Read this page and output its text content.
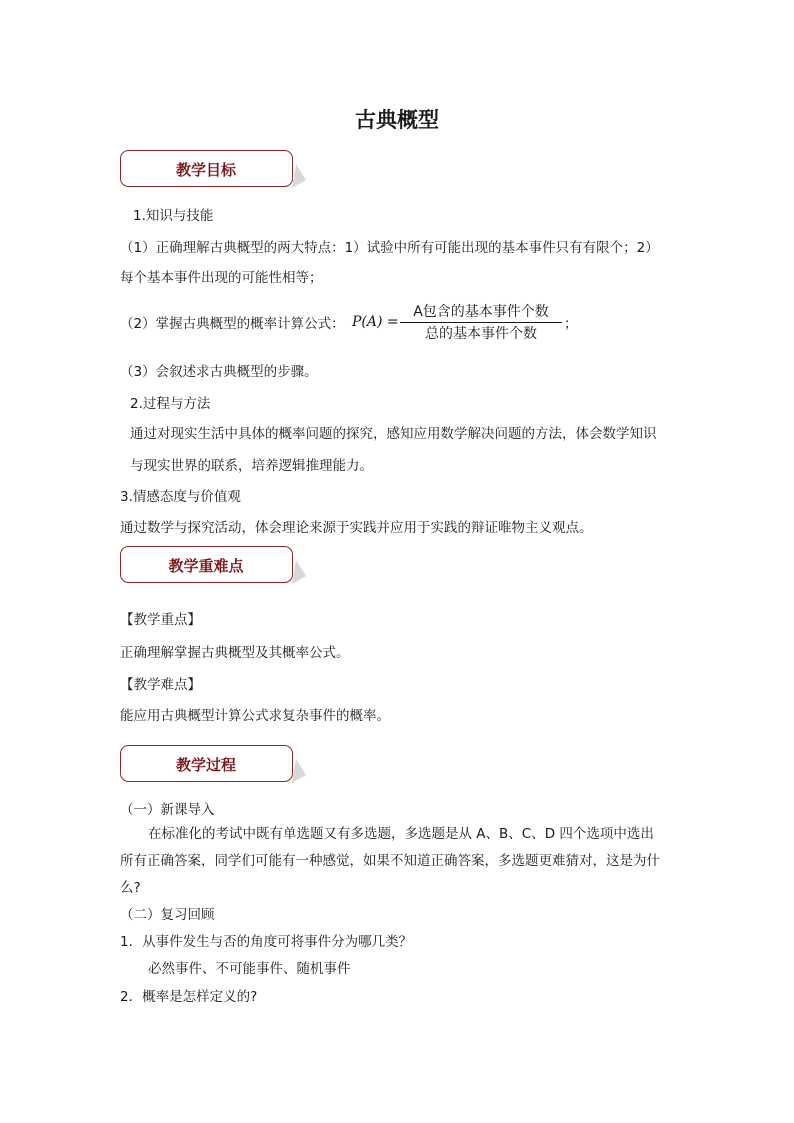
古典概型
教学目标
1.知识与技能
（1）正确理解古典概型的两大特点：1）试验中所有可能出现的基本事件只有有限个；2）
每个基本事件出现的可能性相等；
（2）掌握古典概型的概率计算公式： P(A) =
A包含的基本事件个数
总的基本事件个数
；
（3）会叙述求古典概型的步骤。
2.过程与方法
通过对现实生活中具体的概率问题的探究，感知应用数学解决问题的方法，体会数学知识
与现实世界的联系，培养逻辑推理能力。
3.情感态度与价值观
通过数学与探究活动，体会理论来源于实践并应用于实践的辩证唯物主义观点。
教学重难点
【教学重点】
正确理解掌握古典概型及其概率公式。
【教学难点】
能应用古典概型计算公式求复杂事件的概率。
教学过程
（一）新课导入
在标准化的考试中既有单选题又有多选题，多选题是从 A、B、C、D 四个选项中选出
所有正确答案，同学们可能有一种感觉，如果不知道正确答案，多选题更难猜对，这是为什
么?
（二）复习回顾
1．从事件发生与否的角度可将事件分为哪几类？
必然事件、不可能事件、随机事件
2．概率是怎样定义的?
